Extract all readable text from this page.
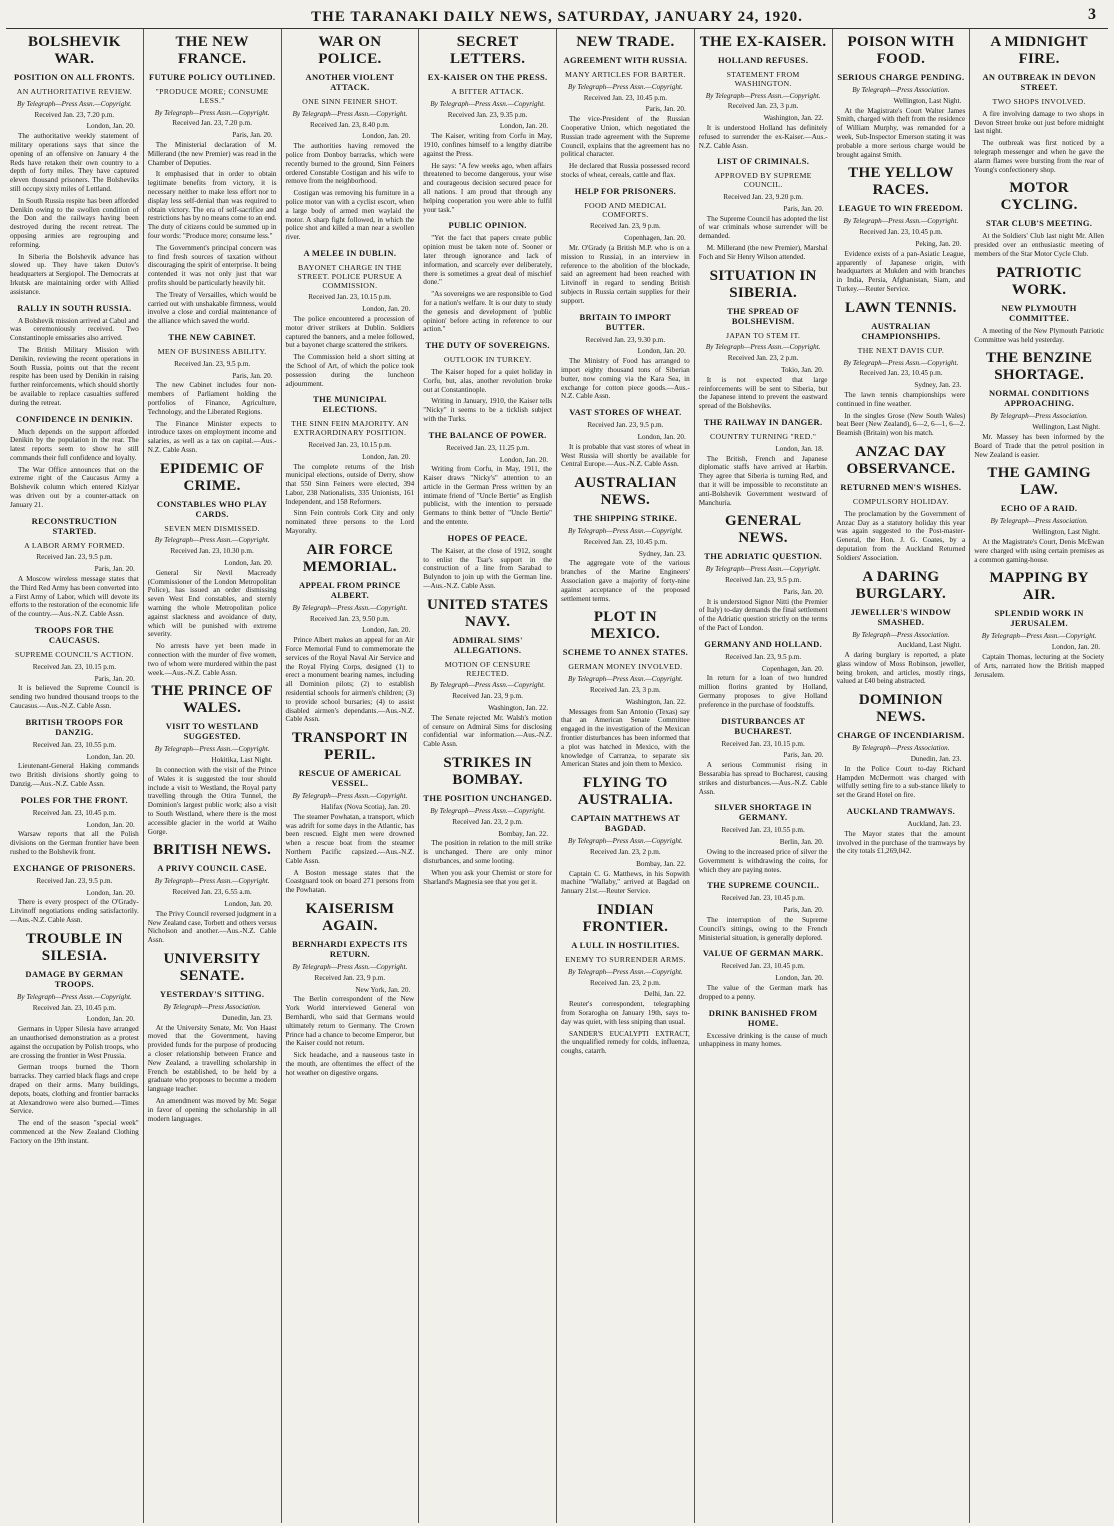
THE TARANAKI DAILY NEWS, SATURDAY, JANUARY 24, 1920.	3
BOLSHEVIK WAR.
POSITION ON ALL FRONTS.
AN AUTHORITATIVE REVIEW.
By Telegraph—Press Assn.—Copyright.
Received Jan. 23, 7.20 p.m.
London, Jan. 20.

The authoritative weekly statement of military operations says that since the opening of an offensive on January 4 the Reds have retaken their own country to a depth of forty miles. They have captured eleven thousand prisoners. The Bolsheviks still occupy sixty miles of Lettland.

In South Russia respite has been afforded Denikin owing to the swollen condition of the Don and the railways having been destroyed during the recent retreat. The opposing armies are regrouping and reforming.

In Siberia the Bolshevik advance has slowed up. They have taken Dutov's headquarters at Sergiopol. The Democrats at Irkutsk are maintaining order with Allied assistance.

RALLY IN SOUTH RUSSIA.

A Bolshevik mission arrived at Cabul and was ceremoniously received. Two Constantinople emissaries also arrived.

The British Military Mission with Denikin, reviewing the recent operations in South Russia, points out that the recent respite has been used by Denikin in raising further reinforcements, which should shortly be available to replace casualties suffered during the retreat.

CONFIDENCE IN DENIKIN.

Much depends on the support afforded Denikin by the population in the rear. The latest reports seem to show he still commands their full confidence and loyalty.

The War Office announces that on the extreme right of the Caucasus Army a Bolshevik column which entered Kizlyar was driven out by a counter-attack on January 21.

RECONSTRUCTION STARTED.
A LABOR ARMY FORMED.
Received Jan. 23, 9.5 p.m.
Paris, Jan. 20.

A Moscow wireless message states that the Third Red Army has been converted into a First Army of Labor, which will devote its efforts to the restoration of the economic life of the country.—Aus.-N.Z. Cable Assn.

TROOPS FOR THE CAUCASUS.
SUPREME COUNCIL'S ACTION.
Received Jan. 23, 10.15 p.m.
Paris, Jan. 20.

It is believed the Supreme Council is sending two hundred thousand troops to the Caucasus.—Aus.-N.Z. Cable Assn.

BRITISH TROOPS FOR DANZIG.
Received Jan. 23, 10.55 p.m.
London, Jan. 20.

Lieutenant-General Haking commands two British divisions shortly going to Danzig.—Aus.-N.Z. Cable Assn.

POLES FOR THE FRONT.
Received Jan. 23, 10.45 p.m.
London, Jan. 20.

Warsaw reports that all the Polish divisions on the German frontier have been rushed to the Bolshevik front.

EXCHANGE OF PRISONERS.
Received Jan. 23, 9.5 p.m.
London, Jan. 20.

There is every prospect of the O'Grady-Litvinoff negotiations ending satisfactorily.—Aus.-N.Z. Cable Assn.

TROUBLE IN SILESIA.
DAMAGE BY GERMAN TROOPS.
By Telegraph—Press Assn.—Copyright.
Received Jan. 23, 10.45 p.m.
London, Jan. 20.

Germans in Upper Silesia have arranged an unauthorised demonstration as a protest against the occupation by Polish troops, who are crossing the frontier in West Prussia.

German troops burned the Thorn barracks. They carried black flags and crepe draped on their arms. Many buildings, depots, boats, clothing and frontier barracks at Alexandrowo were also burned.—Times Service.

The end of the season "special week" commenced at the New Zealand Clothing Factory on the 19th instant.

THE NEW FRANCE.
FUTURE POLICY OUTLINED.
"PRODUCE MORE; CONSUME LESS."
By Telegraph—Press Assn.—Copyright.
Received Jan. 23, 7.20 p.m.
Paris, Jan. 20.

The Ministerial declaration of M. Millerand (the new Premier) was read in the Chamber of Deputies.

It emphasised that in order to obtain legitimate benefits from victory, it is necessary neither to make less effort nor to display less self-denial than was required to obtain victory. The era of self-sacrifice and restrictions has by no means come to an end. The duty of citizens could be summed up in four words: "Produce more; consume less."

The Government's principal concern was to find fresh sources of taxation without discouraging the spirit of enterprise. It being contended it was not only just that war profits should be particularly heavily hit.

The Treaty of Versailles, which would be carried out with unshakable firmness, would involve a close and cordial maintenance of the alliance which saved the world.

THE NEW CABINET.
MEN OF BUSINESS ABILITY.
Received Jan. 23, 9.5 p.m.
Paris, Jan. 20.

The new Cabinet includes four non-members of Parliament holding the portfolios of Finance, Agriculture, Technology, and the Liberated Regions.

The Finance Minister expects to introduce taxes on employment income and salaries, as well as a tax on capital.—Aus.-N.Z. Cable Assn.

EPIDEMIC OF CRIME.
CONSTABLES WHO PLAY CARDS.
SEVEN MEN DISMISSED.
By Telegraph—Press Assn.—Copyright.
Received Jan. 23, 10.30 p.m.
London, Jan. 20.

General Sir Nevil Macready (Commissioner of the London Metropolitan Police), has issued an order dismissing seven West End constables, and sternly warning the whole Metropolitan police against slackness and avoidance of duty, which will be punished with extreme severity.

No arrests have yet been made in connection with the murder of five women, two of whom were murdered within the past week.—Aus.-N.Z. Cable Assn.

THE PRINCE OF WALES.
VISIT TO WESTLAND SUGGESTED.
By Telegraph—Press Assn.—Copyright.
Hokitika, Last Night.

In connection with the visit of the Prince of Wales it is suggested the tour should include a visit to Westland, the Royal party travelling through the Otira Tunnel, the Dominion's largest public work; also a visit to South Westland, where there is the most accessible glacier in the world at Waiho Gorge.

BRITISH NEWS.
A PRIVY COUNCIL CASE.
By Telegraph—Press Assn.—Copyright.
Received Jan. 23, 6.55 a.m.
London, Jan. 20.

The Privy Council reversed judgment in a New Zealand case, Torbett and others versus Nicholson and another.—Aus.-N.Z. Cable Assn.

UNIVERSITY SENATE.
YESTERDAY'S SITTING.
By Telegraph—Press Association.
Dunedin, Jan. 23.

At the University Senate, Mr. Von Haast moved that the Government, having provided funds for the purpose of producing a closer relationship between France and New Zealand, a travelling scholarship in French be established, to be held by a graduate who proposes to become a modern language teacher.

An amendment was moved by Mr. Segar in favor of opening the scholarship in all modern languages.

WAR ON POLICE.
ANOTHER VIOLENT ATTACK.
ONE SINN FEINER SHOT.
By Telegraph—Press Assn.—Copyright.
Received Jan. 23, 8.40 p.m.
London, Jan. 20.

The authorities having removed the police from Donboy barracks, which were recently burned to the ground, Sinn Feiners ordered Constable Costigan and his wife to remove from the neighborhood.

Costigan was removing his furniture in a police motor van with a cyclist escort, when a large body of armed men waylaid the motor. A sharp fight followed, in which the police shot and killed a man near a swollen river.

A MELEE IN DUBLIN.
BAYONET CHARGE IN THE STREET. POLICE PURSUE A COMMISSION.
Received Jan. 23, 10.15 p.m.
London, Jan. 20.

The police encountered a procession of motor driver strikers at Dublin. Soldiers captured the banners, and a melee followed, but a bayonet charge scattered the strikers.

The Commission held a short sitting at the School of Art, of which the police took possession during the luncheon adjournment.

THE MUNICIPAL ELECTIONS.
THE SINN FEIN MAJORITY. AN EXTRAORDINARY POSITION.
Received Jan. 23, 10.15 p.m.
London, Jan. 20.

The complete returns of the Irish municipal elections, outside of Derry, show that 550 Sinn Feiners were elected, 394 Labor, 238 Nationalists, 335 Unionists, 161 Independent, and 158 Reformers.

Sinn Fein controls Cork City and only nominated three persons to the Lord Mayoralty.

AIR FORCE MEMORIAL.
APPEAL FROM PRINCE ALBERT.
By Telegraph—Press Assn.—Copyright.
Received Jan. 23, 9.50 p.m.
London, Jan. 20.

Prince Albert makes an appeal for an Air Force Memorial Fund to commemorate the services of the Royal Naval Air Service and the Royal Flying Corps, designed (1) to erect a monument bearing names, including all Dominion pilots; (2) to establish residential schools for airmen's children; (3) to provide school bursaries; (4) to assist disabled airmen's dependants.—Aus.-N.Z. Cable Assn.

TRANSPORT IN PERIL.
RESCUE OF AMERICAL VESSEL.
By Telegraph—Press Assn.—Copyright.
Halifax (Nova Scotia), Jan. 20.

The steamer Powhatan, a transport, which was adrift for some days in the Atlantic, has been rescued. Eight men were drowned when a rescue boat from the steamer Northern Pacific capsized.—Aus.-N.Z. Cable Assn.

A Boston message states that the Coastguard took on board 271 persons from the Powhatan.

KAISERISM AGAIN.
BERNHARDI EXPECTS ITS RETURN.
By Telegraph—Press Assn.—Copyright.
Received Jan. 23, 9 p.m.
New York, Jan. 20.

The Berlin correspondent of the New York World interviewed General von Bernhardi, who said that Germans would ultimately return to Germany. The Crown Prince had a chance to become Emperor, but the Kaiser could not return.

Sick headache, and a nauseous taste in the mouth, are oftentimes the effect of the hot weather on digestive organs.

SECRET LETTERS.
EX-KAISER ON THE PRESS.
A BITTER ATTACK.
By Telegraph—Press Assn.—Copyright.
Received Jan. 23, 9.35 p.m.
London, Jan. 20.

The Kaiser, writing from Corfu in May, 1910, confines himself to a lengthy diatribe against the Press.

He says: "A few weeks ago, when affairs threatened to become dangerous, your wise and courageous decision secured peace for all nations. I am proud that through any helping cooperation you were able to fulfil your task."

PUBLIC OPINION.

"Yet the fact that papers create public opinion must be taken note of. Sooner or later through ignorance and lack of information, and scarcely ever deliberately, there is sometimes a great deal of mischief done."

"As sovereigns we are responsible to God for a nation's welfare. It is our duty to study the genesis and development of 'public opinion' before acting in reference to our action."

THE DUTY OF SOVEREIGNS.
OUTLOOK IN TURKEY.

The Kaiser hoped for a quiet holiday in Corfu, but, alas, another revolution broke out at Constantinople.

Writing in January, 1910, the Kaiser tells "Nicky" it seems to be a ticklish subject with the Turks.

THE BALANCE OF POWER.
Received Jan. 23, 11.25 p.m.
London, Jan. 20.

Writing from Corfu, in May, 1911, the Kaiser draws "Nicky's" attention to an article in the German Press written by an intimate friend of "Uncle Bertie" as English publicist, with the intention to persuade Germans to think better of "Uncle Bertie" and the entente.

HOPES OF PEACE.

The Kaiser, at the close of 1912, sought to enlist the Tsar's support in the construction of a line from Sarabad to Bulyndon to join up with the German line.—Aus.-N.Z. Cable Assn.

UNITED STATES NAVY.
ADMIRAL SIMS' ALLEGATIONS.
MOTION OF CENSURE REJECTED.
By Telegraph—Press Assn.—Copyright.
Received Jan. 23, 9 p.m.
Washington, Jan. 22.

The Senate rejected Mr. Walsh's motion of censure on Admiral Sims for disclosing confidential war information.—Aus.-N.Z. Cable Assn.

STRIKES IN BOMBAY.
THE POSITION UNCHANGED.
By Telegraph—Press Assn.—Copyright.
Received Jan. 23, 2 p.m.
Bombay, Jan. 22.

The position in relation to the mill strike is unchanged. There are only minor disturbances, and some looting.

When you ask your Chemist or store for Sharland's Magnesia see that you get it.

NEW TRADE.
AGREEMENT WITH RUSSIA.
MANY ARTICLES FOR BARTER.
By Telegraph—Press Assn.—Copyright.
Received Jan. 23, 10.45 p.m.
Paris, Jan. 20.

The vice-President of the Russian Cooperative Union, which negotiated the Russian trade agreement with the Supreme Council, explains that the agreement has no political character.

He declared that Russia possessed record stocks of wheat, cereals, cattle and flax.

HELP FOR PRISONERS.
FOOD AND MEDICAL COMFORTS.
Received Jan. 23, 9 p.m.
Copenhagen, Jan. 20.

Mr. O'Grady (a British M.P. who is on a mission to Russia), in an interview in reference to the abolition of the blockade, said an agreement had been reached with Litvinoff in regard to sending British subjects in Russia certain supplies for their support.

BRITAIN TO IMPORT BUTTER.
Received Jan. 23, 9.30 p.m.
London, Jan. 20.

The Ministry of Food has arranged to import eighty thousand tons of Siberian butter, now coming via the Kara Sea, in exchange for cotton piece goods.—Aus.-N.Z. Cable Assn.

VAST STORES OF WHEAT.
Received Jan. 23, 9.5 p.m.
London, Jan. 20.

It is probable that vast stores of wheat in West Russia will shortly be available for Central Europe.—Aus.-N.Z. Cable Assn.

AUSTRALIAN NEWS.
THE SHIPPING STRIKE.
By Telegraph—Press Assn.—Copyright.
Received Jan. 23, 10.45 p.m.
Sydney, Jan. 23.

The aggregate vote of the various branches of the Marine Engineers' Association gave a majority of forty-nine against acceptance of the proposed settlement terms.

PLOT IN MEXICO.
SCHEME TO ANNEX STATES.
GERMAN MONEY INVOLVED.
By Telegraph—Press Assn.—Copyright.
Received Jan. 23, 3 p.m.
Washington, Jan. 22.

Messages from San Antonio (Texas) say that an American Senate Committee engaged in the investigation of the Mexican frontier disturbances has been informed that a plot was hatched in Mexico, with the knowledge of Carranza, to separate six American States and join them to Mexico.

FLYING TO AUSTRALIA.
CAPTAIN MATTHEWS AT BAGDAD.
By Telegraph—Press Assn.—Copyright.
Received Jan. 23, 2 p.m.
Bombay, Jan. 22.

Captain C. G. Matthews, in his Sopwith machine "Wallaby," arrived at Bagdad on January 21st.—Reuter Service.

INDIAN FRONTIER.
A LULL IN HOSTILITIES.
ENEMY TO SURRENDER ARMS.
By Telegraph—Press Assn.—Copyright.
Received Jan. 23, 2 p.m.
Delhi, Jan. 22.

Reuter's correspondent, telegraphing from Sorarogha on January 19th, says to-day was quiet, with less sniping than usual.

SANDER'S EUCALYPTI EXTRACT, the unqualified remedy for colds, influenza, coughs, catarrh.

THE EX-KAISER.
HOLLAND REFUSES.
STATEMENT FROM WASHINGTON.
By Telegraph—Press Assn.—Copyright.
Received Jan. 23, 3 p.m.
Washington, Jan. 22.

It is understood Holland has definitely refused to surrender the ex-Kaiser.—Aus.-N.Z. Cable Assn.

LIST OF CRIMINALS.
APPROVED BY SUPREME COUNCIL.
Received Jan. 23, 9.20 p.m.
Paris, Jan. 20.

The Supreme Council has adopted the list of war criminals whose surrender will be demanded.

M. Millerand (the new Premier), Marshal Foch and Sir Henry Wilson attended.

SITUATION IN SIBERIA.
THE SPREAD OF BOLSHEVISM.
JAPAN TO STEM IT.
By Telegraph—Press Assn.—Copyright.
Received Jan. 23, 2 p.m.
Tokio, Jan. 20.

It is not expected that large reinforcements will be sent to Siberia, but the Japanese intend to prevent the eastward spread of the Bolsheviks.

THE RAILWAY IN DANGER.
COUNTRY TURNING "RED."
London, Jan. 18.

The British, French and Japanese diplomatic staffs have arrived at Harbin. They agree that Siberia is turning Red, and that it will be impossible to reconstitute an anti-Bolshevik Government westward of Manchuria.

GENERAL NEWS.
THE ADRIATIC QUESTION.
By Telegraph—Press Assn.—Copyright.
Received Jan. 23, 9.5 p.m.
Paris, Jan. 20.

It is understood Signor Nitti (the Premier of Italy) to-day demands the final settlement of the Adriatic question strictly on the terms of the Pact of London.

GERMANY AND HOLLAND.
Received Jan. 23, 9.5 p.m.
Copenhagen, Jan. 20.

In return for a loan of two hundred million florins granted by Holland, Germany proposes to give Holland preference in the purchase of foodstuffs.

DISTURBANCES AT BUCHAREST.
Received Jan. 23, 10.15 p.m.
Paris, Jan. 20.

A serious Communist rising in Bessarabia has spread to Bucharest, causing strikes and disturbances.—Aus.-N.Z. Cable Assn.

SILVER SHORTAGE IN GERMANY.
Received Jan. 23, 10.55 p.m.
Berlin, Jan. 20.

Owing to the increased price of silver the Government is withdrawing the coins, for which they are paying notes.

THE SUPREME COUNCIL.
Received Jan. 23, 10.45 p.m.
Paris, Jan. 20.

The interruption of the Supreme Council's sittings, owing to the French Ministerial situation, is generally deplored.

VALUE OF GERMAN MARK.
Received Jan. 23, 10.45 p.m.
London, Jan. 20.

The value of the German mark has dropped to a penny.

DRINK BANISHED FROM HOME.

Excessive drinking is the cause of much unhappiness in many homes.

POISON WITH FOOD.
SERIOUS CHARGE PENDING.
By Telegraph—Press Association.
Wellington, Last Night.

At the Magistrate's Court Walter James Smith, charged with theft from the residence of William Murphy, was remanded for a week, Sub-Inspector Emerson stating it was probable a more serious charge would be brought against Smith.

THE YELLOW RACES.
LEAGUE TO WIN FREEDOM.
By Telegraph—Press Assn.—Copyright.
Received Jan. 23, 10.45 p.m.
Peking, Jan. 20.

Evidence exists of a pan-Asiatic League, apparently of Japanese origin, with headquarters at Mukden and with branches in India, Persia, Afghanistan, Siam, and Turkey.—Reuter Service.

LAWN TENNIS.
AUSTRALIAN CHAMPIONSHIPS.
THE NEXT DAVIS CUP.
By Telegraph—Press Assn.—Copyright.
Received Jan. 23, 10.45 p.m.
Sydney, Jan. 23.

The lawn tennis championships were continued in fine weather.

In the singles Grose (New South Wales) beat Beer (New Zealand), 6—2, 6—1, 6—2. Beamish (Britain) won his match.

ANZAC DAY OBSERVANCE.
RETURNED MEN'S WISHES.
COMPULSORY HOLIDAY.

The proclamation by the Government of Anzac Day as a statutory holiday this year was again suggested to the Post-master-General, the Hon. J. G. Coates, by a deputation from the Auckland Returned Soldiers' Association.

A DARING BURGLARY.
JEWELLER'S WINDOW SMASHED.
By Telegraph—Press Association.
Auckland, Last Night.

A daring burglary is reported, a plate glass window of Moss Robinson, jeweller, being broken, and articles, mostly rings, valued at £40 being abstracted.

DOMINION NEWS.
CHARGE OF INCENDIARISM.
By Telegraph—Press Association.
Dunedin, Jan. 23.

In the Police Court to-day Richard Hampden McDermott was charged with wilfully setting fire to a sub-stance likely to set the Grand Hotel on fire.

AUCKLAND TRAMWAYS.
Auckland, Jan. 23.

The Mayor states that the amount involved in the purchase of the tramways by the city totals £1,269,042.

A MIDNIGHT FIRE.
AN OUTBREAK IN DEVON STREET.
TWO SHOPS INVOLVED.

A fire involving damage to two shops in Devon Street broke out just before midnight last night.

The outbreak was first noticed by a telegraph messenger and when he gave the alarm flames were bursting from the rear of Young's confectionery shop.

MOTOR CYCLING.
STAR CLUB'S MEETING.

At the Soldiers' Club last night Mr. Allen presided over an enthusiastic meeting of members of the Star Motor Cycle Club.

PATRIOTIC WORK.
NEW PLYMOUTH COMMITTEE.

A meeting of the New Plymouth Patriotic Committee was held yesterday.

THE BENZINE SHORTAGE.
NORMAL CONDITIONS APPROACHING.
By Telegraph—Press Association.
Wellington, Last Night.

Mr. Massey has been informed by the Board of Trade that the petrol position in New Zealand is easier.

THE GAMING LAW.
ECHO OF A RAID.
By Telegraph—Press Association.
Wellington, Last Night.

At the Magistrate's Court, Denis McEwan were charged with using certain premises as a common gaming-house.

MAPPING BY AIR.
SPLENDID WORK IN JERUSALEM.
By Telegraph—Press Assn.—Copyright.
London, Jan. 20.

Captain Thomas, lecturing at the Society of Arts, narrated how the British mapped Jerusalem.
